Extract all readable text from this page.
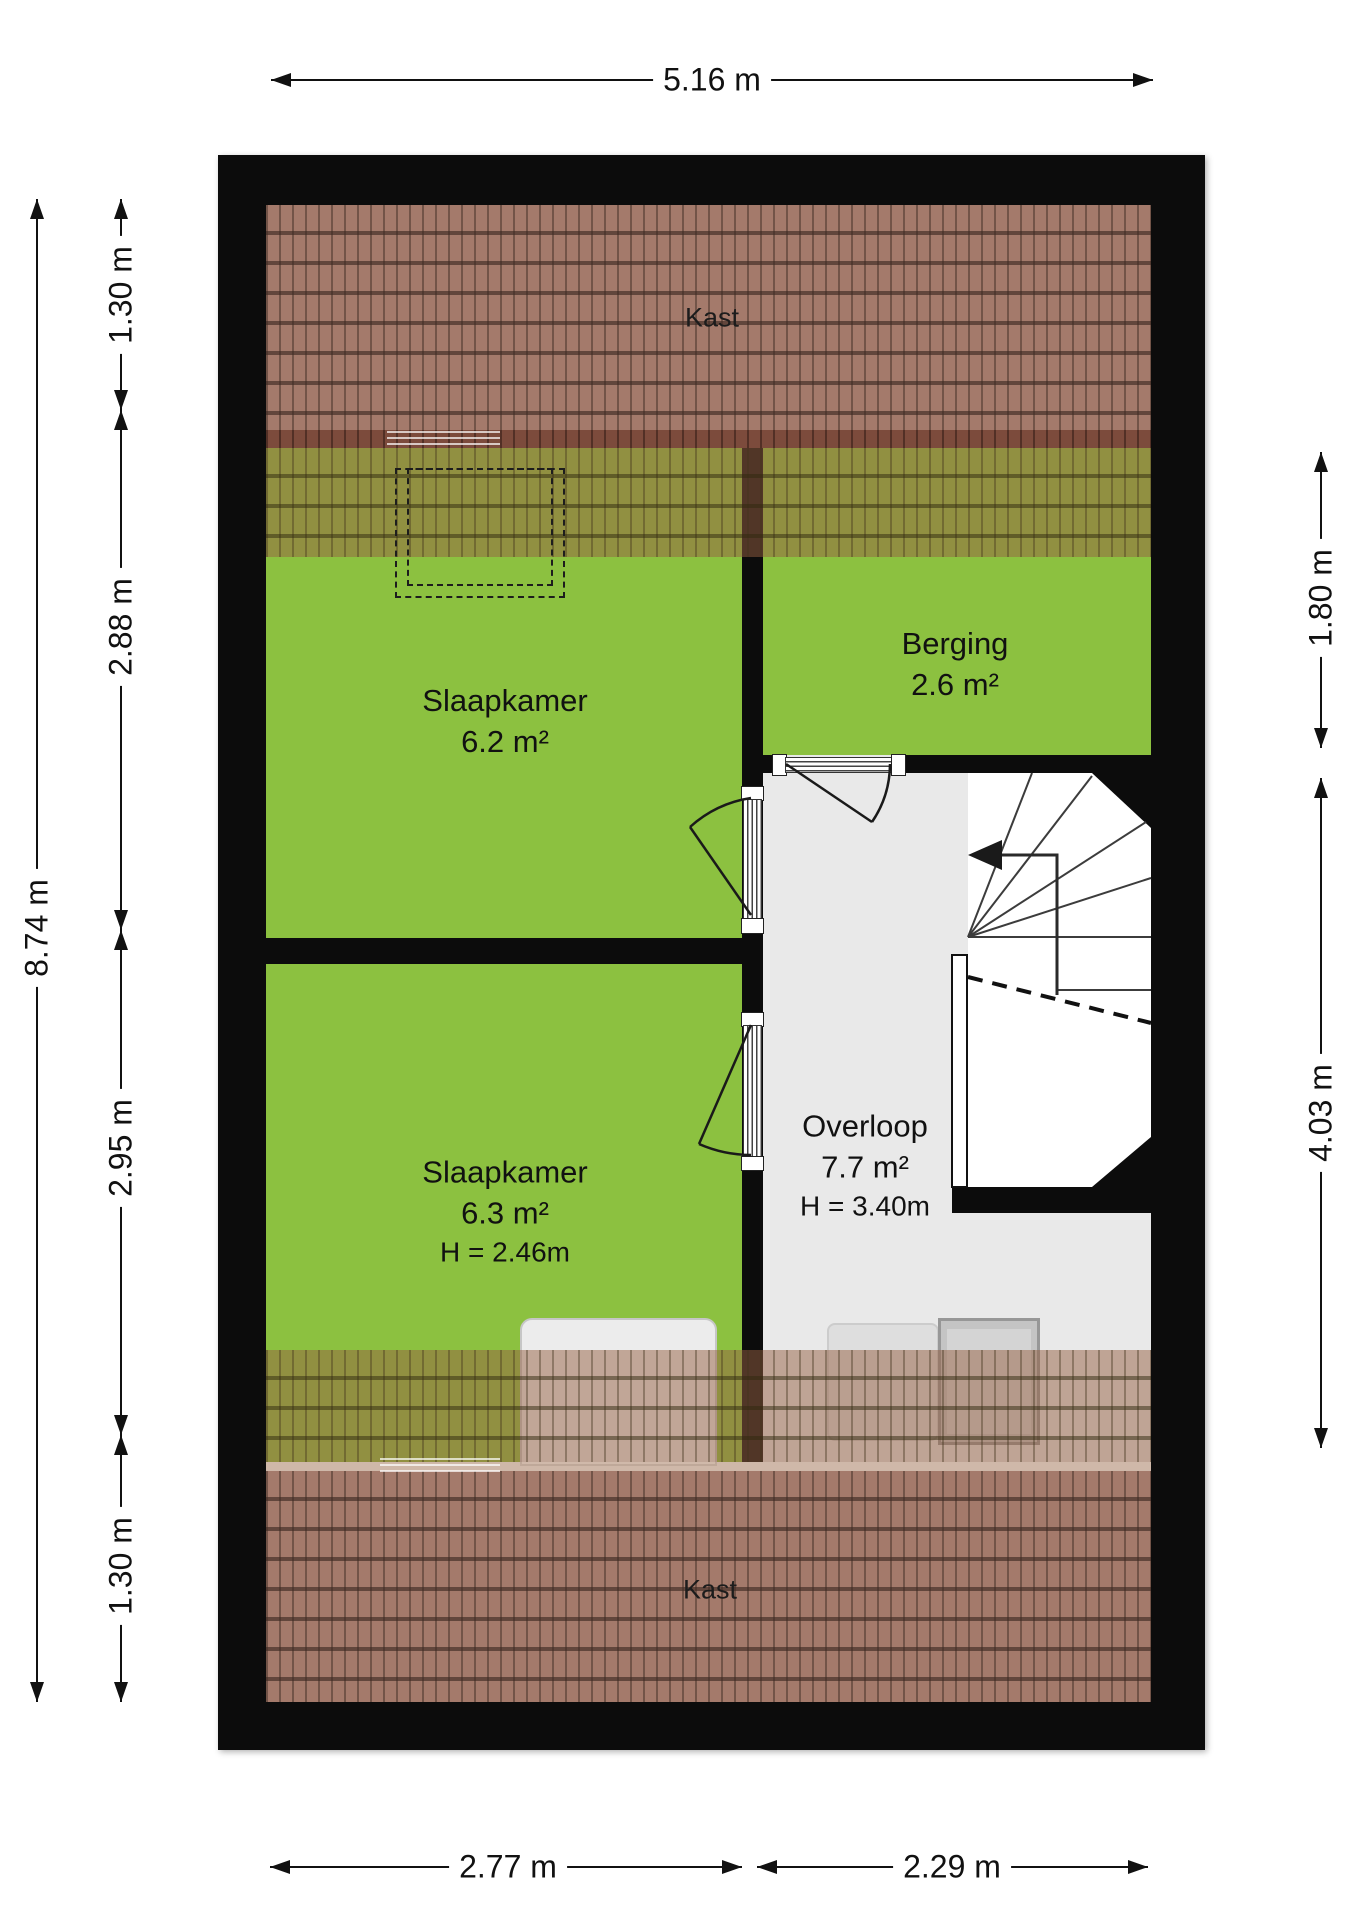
Kast
Slaapkamer
6.2 m²
Berging
2.6 m²
Overloop
7.7 m²
H = 3.40m
Slaapkamer
6.3 m²
H = 2.46m
Kast
5.16 m
8.74 m
1.30 m
2.88 m
2.95 m
1.30 m
1.80 m
4.03 m
2.77 m	2.29 m
